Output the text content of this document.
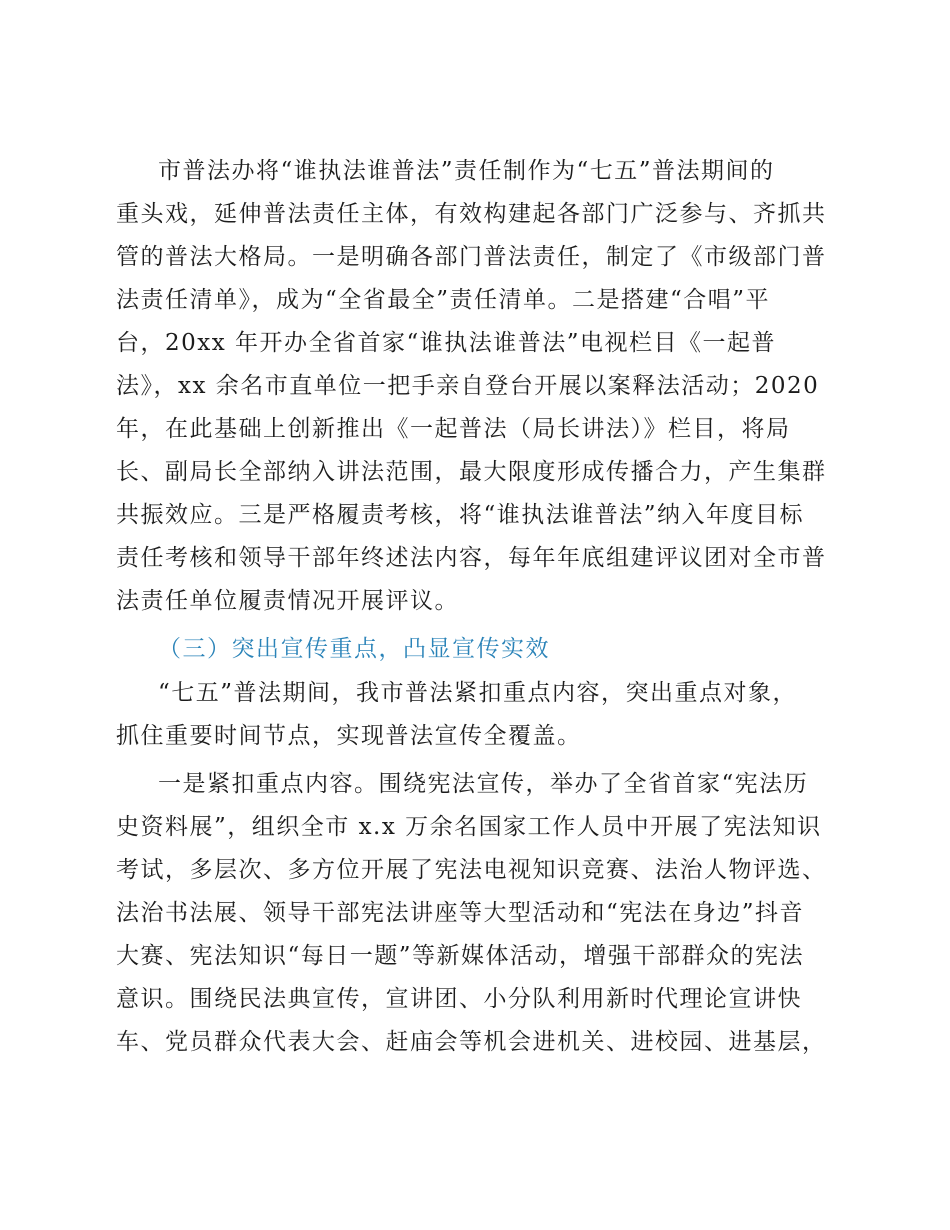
市普法办将“谁执法谁普法”责任制作为“七五”普法期间的
重头戏，延伸普法责任主体，有效构建起各部门广泛参与、齐抓共
管的普法大格局。一是明确各部门普法责任，制定了《市级部门普
法责任清单》，成为“全省最全”责任清单。二是搭建“合唱”平
台，20xx 年开办全省首家“谁执法谁普法”电视栏目《一起普
法》，xx 余名市直单位一把手亲自登台开展以案释法活动；2020
年，在此基础上创新推出《一起普法（局长讲法）》栏目，将局
长、副局长全部纳入讲法范围，最大限度形成传播合力，产生集群
共振效应。三是严格履责考核，将“谁执法谁普法”纳入年度目标
责任考核和领导干部年终述法内容，每年年底组建评议团对全市普
法责任单位履责情况开展评议。
（三）突出宣传重点，凸显宣传实效
“七五”普法期间，我市普法紧扣重点内容，突出重点对象，
抓住重要时间节点，实现普法宣传全覆盖。
一是紧扣重点内容。围绕宪法宣传，举办了全省首家“宪法历
史资料展”，组织全市 x.x 万余名国家工作人员中开展了宪法知识
考试，多层次、多方位开展了宪法电视知识竞赛、法治人物评选、
法治书法展、领导干部宪法讲座等大型活动和“宪法在身边”抖音
大赛、宪法知识“每日一题”等新媒体活动，增强干部群众的宪法
意识。围绕民法典宣传，宣讲团、小分队利用新时代理论宣讲快
车、党员群众代表大会、赶庙会等机会进机关、进校园、进基层，
